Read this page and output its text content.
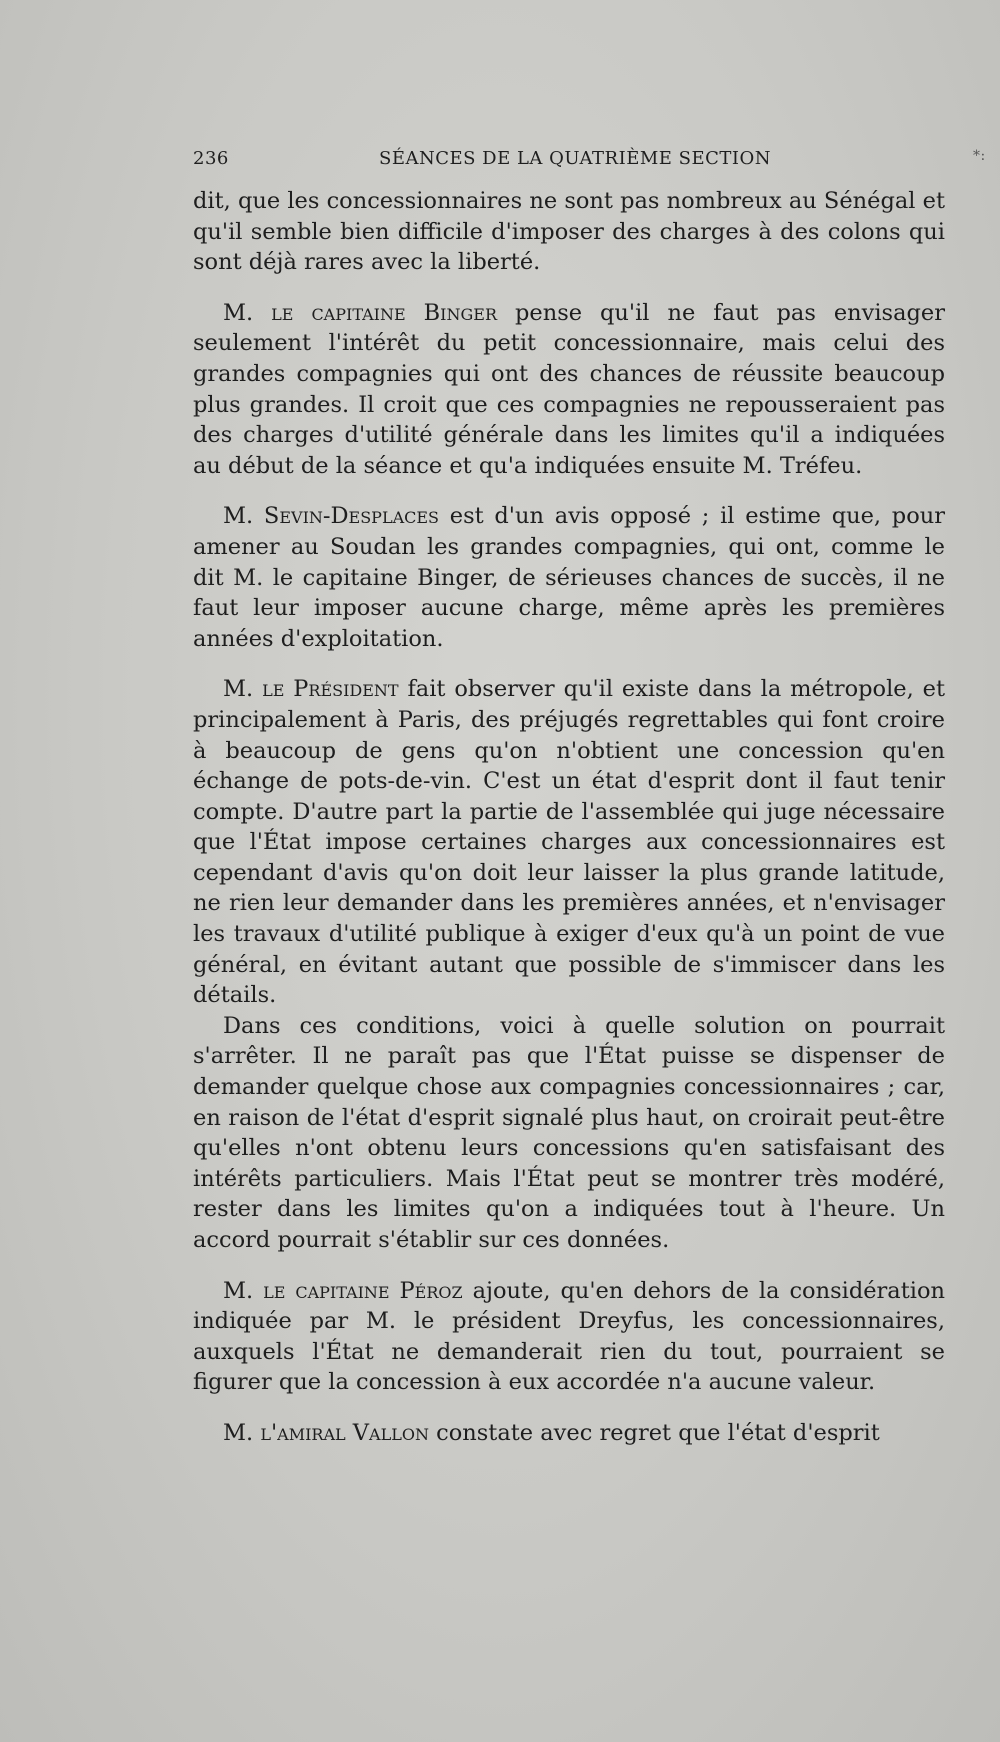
236	SÉANCES DE LA QUATRIÈME SECTION	*:

dit, que les concessionnaires ne sont pas nombreux au Sénégal et qu'il semble bien difficile d'imposer des charges à des colons qui sont déjà rares avec la liberté.

M. le capitaine Binger pense qu'il ne faut pas envisager seulement l'intérêt du petit concessionnaire, mais celui des grandes compagnies qui ont des chances de réussite beaucoup plus grandes. Il croit que ces compagnies ne repousseraient pas des charges d'utilité générale dans les limites qu'il a indiquées au début de la séance et qu'a indiquées ensuite M. Tréfeu.

M. Sevin-Desplaces est d'un avis opposé ; il estime que, pour amener au Soudan les grandes compagnies, qui ont, comme le dit M. le capitaine Binger, de sérieuses chances de succès, il ne faut leur imposer aucune charge, même après les premières années d'exploitation.

M. le Président fait observer qu'il existe dans la métropole, et principalement à Paris, des préjugés regrettables qui font croire à beaucoup de gens qu'on n'obtient une concession qu'en échange de pots-de-vin. C'est un état d'esprit dont il faut tenir compte. D'autre part la partie de l'assemblée qui juge nécessaire que l'État impose certaines charges aux concessionnaires est cependant d'avis qu'on doit leur laisser la plus grande latitude, ne rien leur demander dans les premières années, et n'envisager les travaux d'utilité publique à exiger d'eux qu'à un point de vue général, en évitant autant que possible de s'immiscer dans les détails.

Dans ces conditions, voici à quelle solution on pourrait s'arrêter. Il ne paraît pas que l'État puisse se dispenser de demander quelque chose aux compagnies concessionnaires ; car, en raison de l'état d'esprit signalé plus haut, on croirait peut-être qu'elles n'ont obtenu leurs concessions qu'en satisfaisant des intérêts particuliers. Mais l'État peut se montrer très modéré, rester dans les limites qu'on a indiquées tout à l'heure. Un accord pourrait s'établir sur ces données.

M. le capitaine Péroz ajoute, qu'en dehors de la considération indiquée par M. le président Dreyfus, les concessionnaires, auxquels l'État ne demanderait rien du tout, pourraient se figurer que la concession à eux accordée n'a aucune valeur.

M. l'amiral Vallon constate avec regret que l'état d'esprit
